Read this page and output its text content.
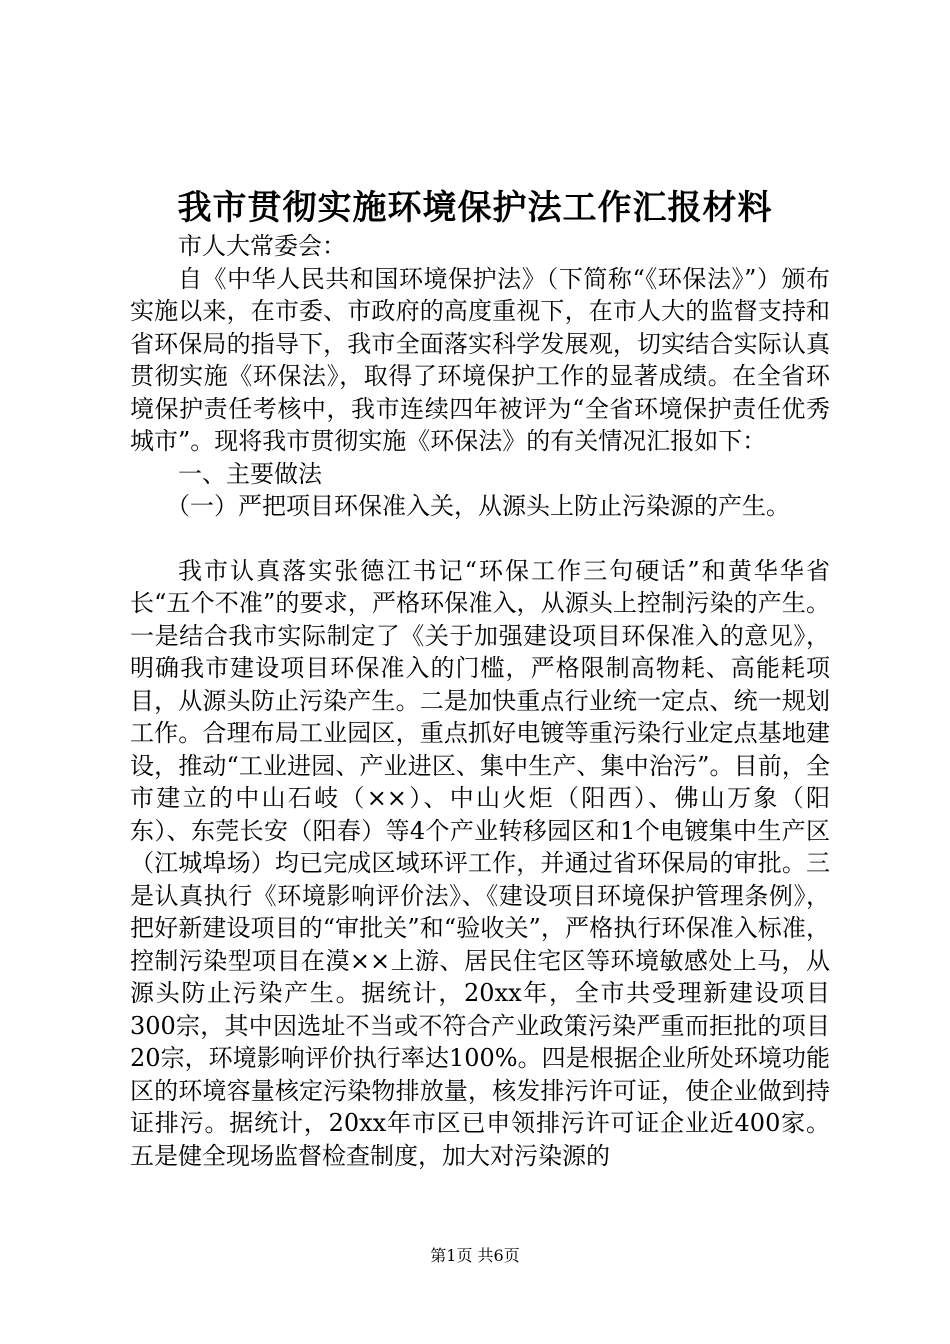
我市贯彻实施环境保护法工作汇报材料

市人大常委会：

自《中华人民共和国环境保护法》（下简称“《环保法》”）颁布实施以来，在市委、市政府的高度重视下，在市人大的监督支持和省环保局的指导下，我市全面落实科学发展观，切实结合实际认真贯彻实施《环保法》，取得了环境保护工作的显著成绩。在全省环境保护责任考核中，我市连续四年被评为“全省环境保护责任优秀城市”。现将我市贯彻实施《环保法》的有关情况汇报如下：

一、主要做法

（一）严把项目环保准入关，从源头上防止污染源的产生。

我市认真落实张德江书记“环保工作三句硬话”和黄华华省长“五个不准”的要求，严格环保准入，从源头上控制污染的产生。一是结合我市实际制定了《关于加强建设项目环保准入的意见》，明确我市建设项目环保准入的门槛，严格限制高物耗、高能耗项目，从源头防止污染产生。二是加快重点行业统一定点、统一规划工作。合理布局工业园区，重点抓好电镀等重污染行业定点基地建设，推动“工业进园、产业进区、集中生产、集中治污”。目前，全市建立的中山石岐（××）、中山火炬（阳西）、佛山万象（阳东）、东莞长安（阳春）等4个产业转移园区和1个电镀集中生产区（江城埠场）均已完成区域环评工作，并通过省环保局的审批。三是认真执行《环境影响评价法》、《建设项目环境保护管理条例》，把好新建设项目的“审批关”和“验收关”，严格执行环保准入标准，控制污染型项目在漠××上游、居民住宅区等环境敏感处上马，从源头防止污染产生。据统计，20xx年，全市共受理新建设项目300宗，其中因选址不当或不符合产业政策污染严重而拒批的项目20宗，环境影响评价执行率达100%。四是根据企业所处环境功能区的环境容量核定污染物排放量，核发排污许可证，使企业做到持证排污。据统计，20xx年市区已申领排污许可证企业近400家。五是健全现场监督检查制度，加大对污染源的

第1页 共6页
